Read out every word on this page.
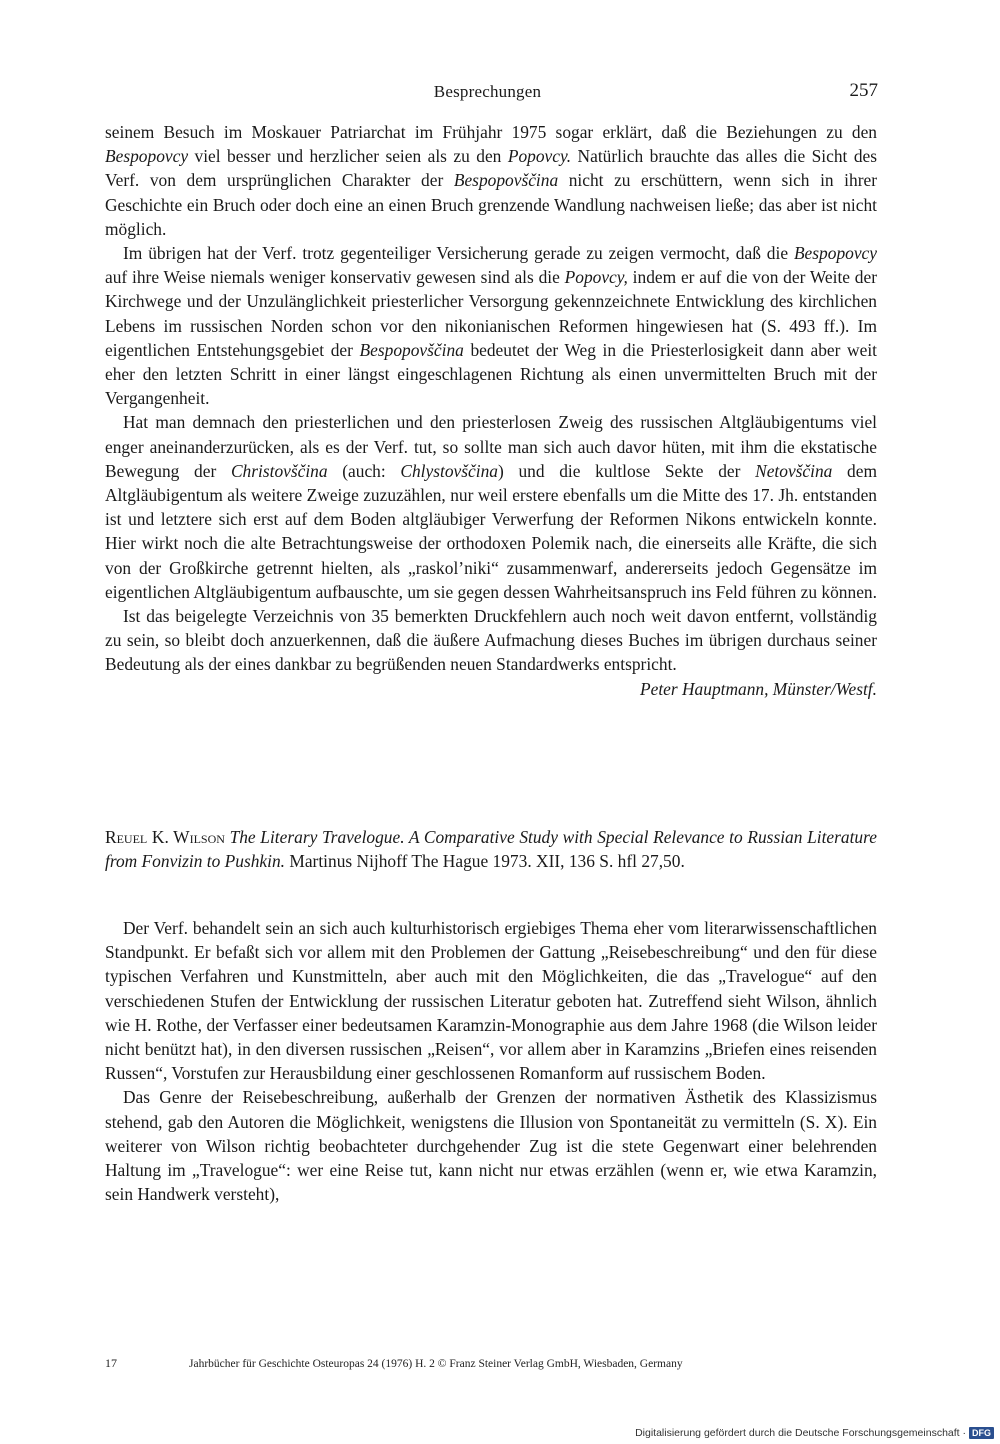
Besprechungen	257

seinem Besuch im Moskauer Patriarchat im Frühjahr 1975 sogar erklärt, daß die Beziehungen zu den Bespopovcy viel besser und herzlicher seien als zu den Popovcy. Natürlich brauchte das alles die Sicht des Verf. von dem ursprünglichen Charakter der Bespopovščina nicht zu erschüttern, wenn sich in ihrer Geschichte ein Bruch oder doch eine an einen Bruch grenzende Wandlung nachweisen ließe; das aber ist nicht möglich.

Im übrigen hat der Verf. trotz gegenteiliger Versicherung gerade zu zeigen vermocht, daß die Bespopovcy auf ihre Weise niemals weniger konservativ gewesen sind als die Popovcy, indem er auf die von der Weite der Kirchwege und der Unzulänglichkeit priesterlicher Versorgung gekennzeichnete Entwicklung des kirchlichen Lebens im russischen Norden schon vor den nikonianischen Reformen hingewiesen hat (S. 493 ff.). Im eigentlichen Entstehungsgebiet der Bespopovščina bedeutet der Weg in die Priesterlosigkeit dann aber weit eher den letzten Schritt in einer längst eingeschlagenen Richtung als einen unvermittelten Bruch mit der Vergangenheit.

Hat man demnach den priesterlichen und den priesterlosen Zweig des russischen Altgläubigentums viel enger aneinanderzurücken, als es der Verf. tut, so sollte man sich auch davor hüten, mit ihm die ekstatische Bewegung der Christovščina (auch: Chlystovščina) und die kultlose Sekte der Netovščina dem Altgläubigentum als weitere Zweige zuzuzählen, nur weil erstere ebenfalls um die Mitte des 17. Jh. entstanden ist und letztere sich erst auf dem Boden altgläubiger Verwerfung der Reformen Nikons entwickeln konnte. Hier wirkt noch die alte Betrachtungsweise der orthodoxen Polemik nach, die einerseits alle Kräfte, die sich von der Großkirche getrennt hielten, als „raskol’niki“ zusammenwarf, andererseits jedoch Gegensätze im eigentlichen Altgläubigentum aufbauschte, um sie gegen dessen Wahrheitsanspruch ins Feld führen zu können.

Ist das beigelegte Verzeichnis von 35 bemerkten Druckfehlern auch noch weit davon entfernt, vollständig zu sein, so bleibt doch anzuerkennen, daß die äußere Aufmachung dieses Buches im übrigen durchaus seiner Bedeutung als der eines dankbar zu begrüßenden neuen Standardwerks entspricht.

Peter Hauptmann, Münster/Westf.

Reuel K. Wilson The Literary Travelogue. A Comparative Study with Special Relevance to Russian Literature from Fonvizin to Pushkin. Martinus Nijhoff The Hague 1973. XII, 136 S. hfl 27,50.

Der Verf. behandelt sein an sich auch kulturhistorisch ergiebiges Thema eher vom literarwissenschaftlichen Standpunkt. Er befaßt sich vor allem mit den Problemen der Gattung „Reisebeschreibung“ und den für diese typischen Verfahren und Kunstmitteln, aber auch mit den Möglichkeiten, die das „Travelogue“ auf den verschiedenen Stufen der Entwicklung der russischen Literatur geboten hat. Zutreffend sieht Wilson, ähnlich wie H. Rothe, der Verfasser einer bedeutsamen Karamzin-Monographie aus dem Jahre 1968 (die Wilson leider nicht benützt hat), in den diversen russischen „Reisen“, vor allem aber in Karamzins „Briefen eines reisenden Russen“, Vorstufen zur Herausbildung einer geschlossenen Romanform auf russischem Boden.

Das Genre der Reisebeschreibung, außerhalb der Grenzen der normativen Ästhetik des Klassizismus stehend, gab den Autoren die Möglichkeit, wenigstens die Illusion von Spontaneität zu vermitteln (S. X). Ein weiterer von Wilson richtig beobachteter durchgehender Zug ist die stete Gegenwart einer belehrenden Haltung im „Travelogue“: wer eine Reise tut, kann nicht nur etwas erzählen (wenn er, wie etwa Karamzin, sein Handwerk versteht),

17	Jahrbücher für Geschichte Osteuropas 24 (1976) H. 2 © Franz Steiner Verlag GmbH, Wiesbaden, Germany
Digitalisierung gefördert durch die Deutsche Forschungsgemeinschaft · DFG
